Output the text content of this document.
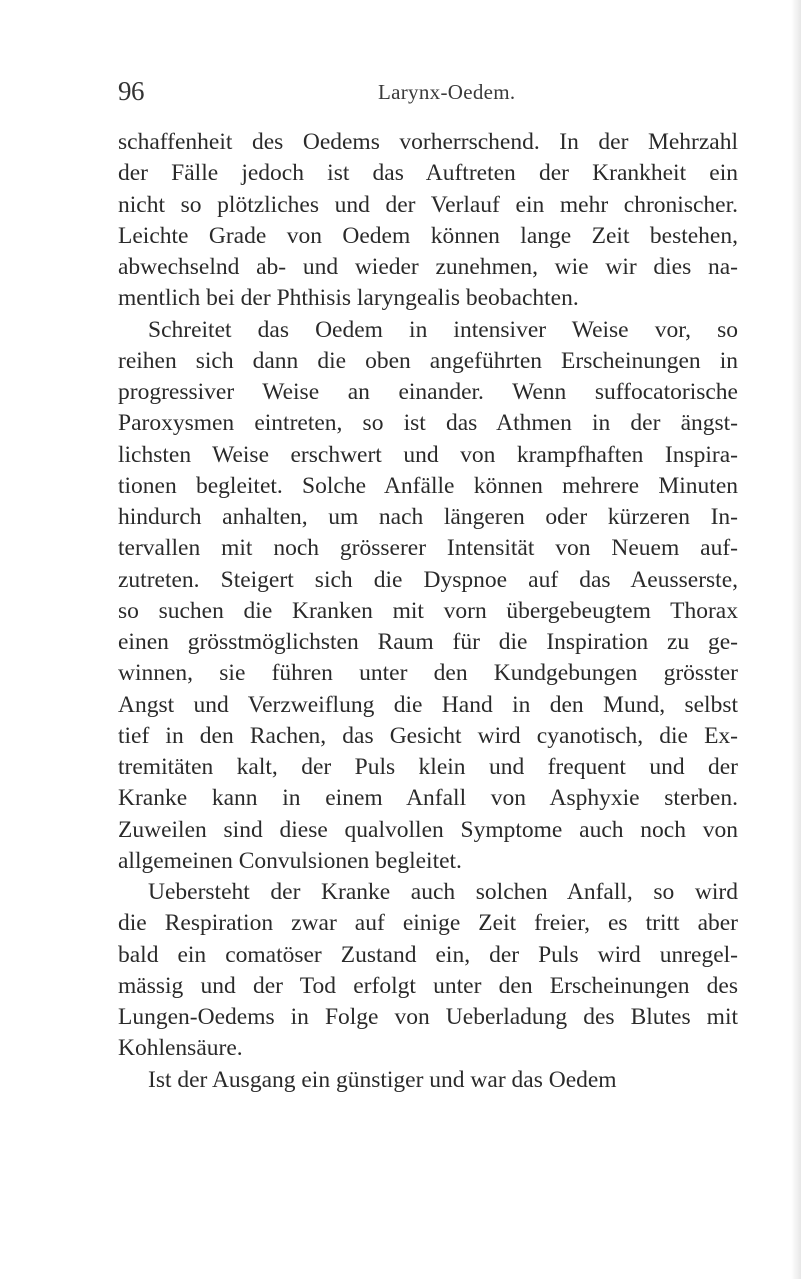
96	Larynx-Oedem.
schaffenheit des Oedems vorherrschend. In der Mehrzahl
der Fälle jedoch ist das Auftreten der Krankheit ein
nicht so plötzliches und der Verlauf ein mehr chronischer.
Leichte Grade von Oedem können lange Zeit bestehen,
abwechselnd ab- und wieder zunehmen, wie wir dies na-
mentlich bei der Phthisis laryngealis beobachten.
Schreitet das Oedem in intensiver Weise vor, so
reihen sich dann die oben angeführten Erscheinungen in
progressiver Weise an einander. Wenn suffocatorische
Paroxysmen eintreten, so ist das Athmen in der ängst-
lichsten Weise erschwert und von krampfhaften Inspira-
tionen begleitet. Solche Anfälle können mehrere Minuten
hindurch anhalten, um nach längeren oder kürzeren In-
tervallen mit noch grösserer Intensität von Neuem auf-
zutreten. Steigert sich die Dyspnoe auf das Aeusserste,
so suchen die Kranken mit vorn übergebeugtem Thorax
einen grösstmöglichsten Raum für die Inspiration zu ge-
winnen, sie führen unter den Kundgebungen grösster
Angst und Verzweiflung die Hand in den Mund, selbst
tief in den Rachen, das Gesicht wird cyanotisch, die Ex-
tremitäten kalt, der Puls klein und frequent und der
Kranke kann in einem Anfall von Asphyxie sterben.
Zuweilen sind diese qualvollen Symptome auch noch von
allgemeinen Convulsionen begleitet.
Uebersteht der Kranke auch solchen Anfall, so wird
die Respiration zwar auf einige Zeit freier, es tritt aber
bald ein comatöser Zustand ein, der Puls wird unregel-
mässig und der Tod erfolgt unter den Erscheinungen des
Lungen-Oedems in Folge von Ueberladung des Blutes mit
Kohlensäure.
Ist der Ausgang ein günstiger und war das Oedem
